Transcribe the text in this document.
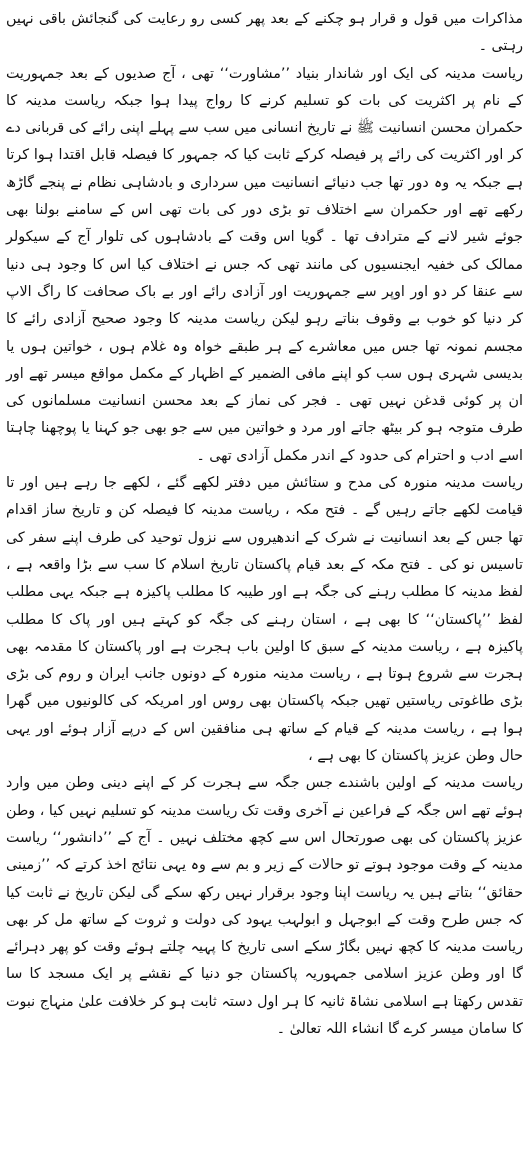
مذاکرات میں قول و قرار ہو چکنے کے بعد پھر کسی رو رعایت کی گنجائش باقی نہیں رہتی ۔

ریاست مدینہ کی ایک اور شاندار بنیاد ’’مشاورت‘‘ تھی ، آج صدیوں کے بعد جمہوریت کے نام پر اکثریت کی بات کو تسلیم کرنے کا رواج پیدا ہوا جبکہ ریاست مدینہ کا حکمران محسن انسانیت ﷺ نے تاریخ انسانی میں سب سے پہلے اپنی رائے کی قربانی دے کر اور اکثریت کی رائے پر فیصلہ کرکے ثابت کیا کہ جمہور کا فیصلہ قابل اقتدا ہوا کرتا ہے جبکہ یہ وہ دور تھا جب دنیائے انسانیت میں سرداری و بادشاہی نظام نے پنجے گاڑھ رکھے تھے اور حکمران سے اختلاف تو بڑی دور کی بات تھی اس کے سامنے بولنا بھی جوئے شیر لانے کے مترادف تھا ۔ گویا اس وقت کے بادشاہوں کی تلوار آج کے سیکولر ممالک کی خفیہ ایجنسیوں کی مانند تھی کہ جس نے اختلاف کیا اس کا وجود ہی دنیا سے عنقا کر دو اور اوپر سے جمہوریت اور آزادی رائے اور بے باک صحافت کا راگ الاپ کر دنیا کو خوب بے وقوف بناتے رہو لیکن ریاست مدینہ کا وجود صحیح آزادی رائے کا مجسم نمونہ تھا جس میں معاشرے کے ہر طبقے خواہ وہ غلام ہوں ، خواتین ہوں یا بدیسی شہری ہوں سب کو اپنے مافی الضمیر کے اظہار کے مکمل مواقع میسر تھے اور ان پر کوئی قدغن نہیں تھی ۔ فجر کی نماز کے بعد محسن انسانیت مسلمانوں کی طرف متوجہ ہو کر بیٹھ جاتے اور مرد و خواتین میں سے جو بھی جو کہنا یا پوچھنا چاہتا اسے ادب و احترام کی حدود کے اندر مکمل آزادی تھی ۔

ریاست مدینہ منورہ کی مدح و ستائش میں دفتر لکھے گئے ، لکھے جا رہے ہیں اور تا قیامت لکھے جاتے رہیں گے ۔ فتح مکہ ، ریاست مدینہ کا فیصلہ کن و تاریخ ساز اقدام تھا جس کے بعد انسانیت نے شرک کے اندھیروں سے نزول توحید کی طرف اپنے سفر کی تاسیس نو کی ۔ فتح مکہ کے بعد قیام پاکستان تاریخ اسلام کا سب سے بڑا واقعہ ہے ، لفظ مدینہ کا مطلب رہنے کی جگہ ہے اور طیبہ کا مطلب پاکیزہ ہے جبکہ یہی مطلب لفظ ’’پاکستان‘‘ کا بھی ہے ، استان رہنے کی جگہ کو کہتے ہیں اور پاک کا مطلب پاکیزہ ہے ، ریاست مدینہ کے سبق کا اولین باب ہجرت ہے اور پاکستان کا مقدمہ بھی ہجرت سے شروع ہوتا ہے ، ریاست مدینہ منورہ کے دونوں جانب ایران و روم کی بڑی بڑی طاغوتی ریاستیں تھیں جبکہ پاکستان بھی روس اور امریکہ کی کالونیوں میں گھرا ہوا ہے ، ریاست مدینہ کے قیام کے ساتھ ہی منافقین اس کے درپے آزار ہوئے اور یہی حال وطن عزیز پاکستان کا بھی ہے ،

ریاست مدینہ کے اولین باشندے جس جگہ سے ہجرت کر کے اپنے دینی وطن میں وارد ہوئے تھے اس جگہ کے فراعین نے آخری وقت تک ریاست مدینہ کو تسلیم نہیں کیا ، وطن عزیز پاکستان کی بھی صورتحال اس سے کچھ مختلف نہیں ۔ آج کے ’’دانشور‘‘ ریاست مدینہ کے وقت موجود ہوتے تو حالات کے زیر و بم سے وہ یہی نتائج اخذ کرتے کہ ’’زمینی حقائق‘‘ بتاتے ہیں یہ ریاست اپنا وجود برقرار نہیں رکھ سکے گی لیکن تاریخ نے ثابت کیا کہ جس طرح وقت کے ابوجہل و ابولہب یہود کی دولت و ثروت کے ساتھ مل کر بھی ریاست مدینہ کا کچھ نہیں بگاڑ سکے اسی تاریخ کا پہیہ چلتے ہوئے وقت کو پھر دہرائے گا اور وطن عزیز اسلامی جمہوریہ پاکستان جو دنیا کے نقشے پر ایک مسجد کا سا تقدس رکھتا ہے اسلامی نشاۃ ثانیہ کا ہر اول دستہ ثابت ہو کر خلافت علیٰ منہاج نبوت کا سامان میسر کرے گا انشاء اللہ تعالیٰ ۔
